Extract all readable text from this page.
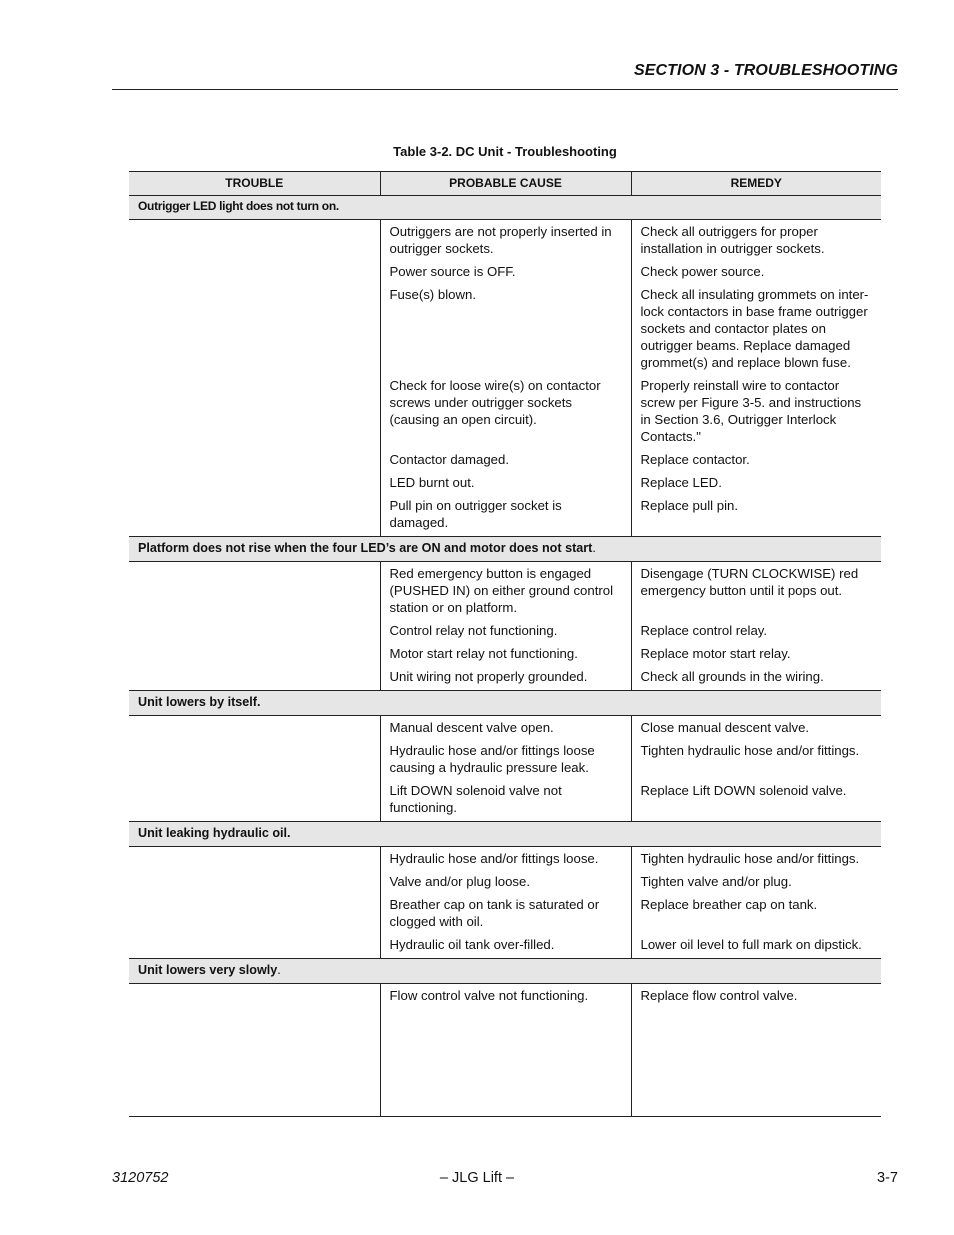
SECTION 3 - TROUBLESHOOTING
Table 3-2. DC Unit - Troubleshooting
TROUBLE	PROBABLE CAUSE	REMEDY
Outrigger LED light does not turn on.		
	Outriggers are not properly inserted in outrigger sockets.	Check all outriggers for proper installation in outrigger sockets.
	Power source is OFF.	Check power source.
	Fuse(s) blown.	Check all insulating grommets on inter-lock contactors in base frame outrigger sockets and contactor plates on outrigger beams. Replace damaged grommet(s) and replace blown fuse.
	Check for loose wire(s) on contactor screws under outrigger sockets (causing an open circuit).	Properly reinstall wire to contactor screw per Figure 3-5. and instructions in Section 3.6, Outrigger Interlock Contacts."
	Contactor damaged.	Replace contactor.
	LED burnt out.	Replace LED.
	Pull pin on outrigger socket is damaged.	Replace pull pin.
Platform does not rise when the four LED’s are ON and motor does not start.		
	Red emergency button is engaged (PUSHED IN) on either ground control station or on platform.	Disengage (TURN CLOCKWISE) red emergency button until it pops out.
	Control relay not functioning.	Replace control relay.
	Motor start relay not functioning.	Replace motor start relay.
	Unit wiring not properly grounded.	Check all grounds in the wiring.
Unit lowers by itself.		
	Manual descent valve open.	Close manual descent valve.
	Hydraulic hose and/or fittings loose causing a hydraulic pressure leak.	Tighten hydraulic hose and/or fittings.
	Lift DOWN solenoid valve not functioning.	Replace Lift DOWN solenoid valve.
Unit leaking hydraulic oil.		
	Hydraulic hose and/or fittings loose.	Tighten hydraulic hose and/or fittings.
	Valve and/or plug loose.	Tighten valve and/or plug.
	Breather cap on tank is saturated or clogged with oil.	Replace breather cap on tank.
	Hydraulic oil tank over-filled.	Lower oil level to full mark on dipstick.
Unit lowers very slowly.		
	Flow control valve not functioning.	Replace flow control valve.
3120752	– JLG Lift –	3-7
